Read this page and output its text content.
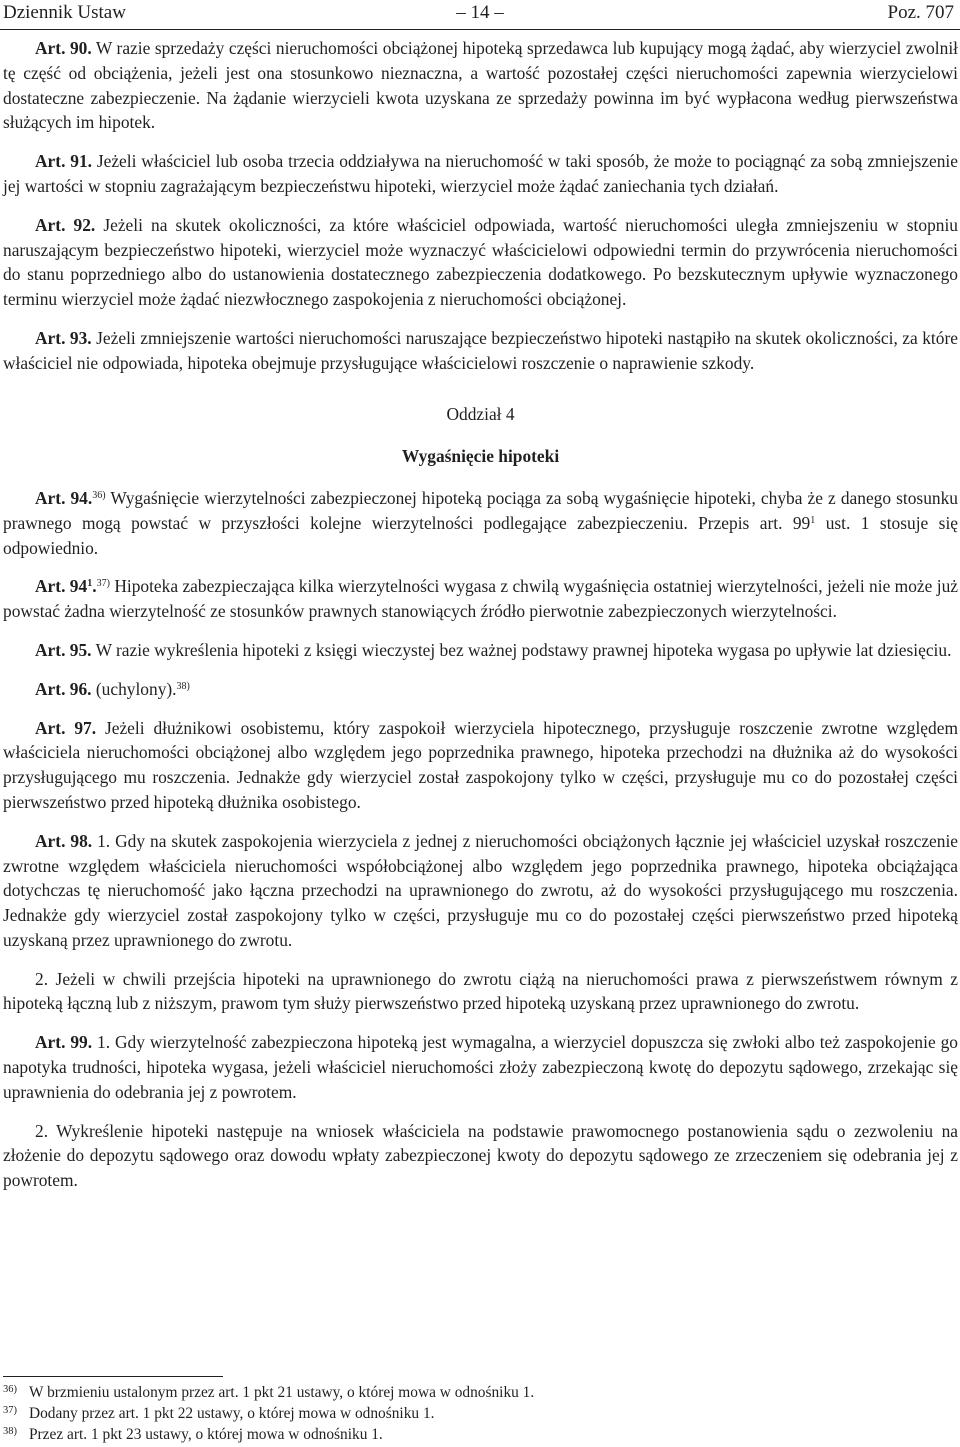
Dziennik Ustaw	– 14 –	Poz. 707

Art. 90. W razie sprzedaży części nieruchomości obciążonej hipoteką sprzedawca lub kupujący mogą żądać, aby wierzyciel zwolnił tę część od obciążenia, jeżeli jest ona stosunkowo nieznaczna, a wartość pozostałej części nieruchomości zapewnia wierzycielowi dostateczne zabezpieczenie. Na żądanie wierzycieli kwota uzyskana ze sprzedaży powinna im być wypłacona według pierwszeństwa służących im hipotek.

Art. 91. Jeżeli właściciel lub osoba trzecia oddziaływa na nieruchomość w taki sposób, że może to pociągnąć za sobą zmniejszenie jej wartości w stopniu zagrażającym bezpieczeństwu hipoteki, wierzyciel może żądać zaniechania tych działań.

Art. 92. Jeżeli na skutek okoliczności, za które właściciel odpowiada, wartość nieruchomości uległa zmniejszeniu w stopniu naruszającym bezpieczeństwo hipoteki, wierzyciel może wyznaczyć właścicielowi odpowiedni termin do przywrócenia nieruchomości do stanu poprzedniego albo do ustanowienia dostatecznego zabezpieczenia dodatkowego. Po bezskutecznym upływie wyznaczonego terminu wierzyciel może żądać niezwłocznego zaspokojenia z nieruchomości obciążonej.

Art. 93. Jeżeli zmniejszenie wartości nieruchomości naruszające bezpieczeństwo hipoteki nastąpiło na skutek okoliczności, za które właściciel nie odpowiada, hipoteka obejmuje przysługujące właścicielowi roszczenie o naprawienie szkody.

Oddział 4

Wygaśnięcie hipoteki

Art. 94.$^{36)}$ Wygaśnięcie wierzytelności zabezpieczonej hipoteką pociąga za sobą wygaśnięcie hipoteki, chyba że z danego stosunku prawnego mogą powstać w przyszłości kolejne wierzytelności podlegające zabezpieczeniu. Przepis art. $99^1$ ust. 1 stosuje się odpowiednio.

Art. $94^1.^{37)}$ Hipoteka zabezpieczająca kilka wierzytelności wygasa z chwilą wygaśnięcia ostatniej wierzytelności, jeżeli nie może już powstać żadna wierzytelność ze stosunków prawnych stanowiących źródło pierwotnie zabezpieczonych wierzytelności.

Art. 95. W razie wykreślenia hipoteki z księgi wieczystej bez ważnej podstawy prawnej hipoteka wygasa po upływie lat dziesięciu.

Art. 96. (uchylony).$^{38)}$

Art. 97. Jeżeli dłużnikowi osobistemu, który zaspokoił wierzyciela hipotecznego, przysługuje roszczenie zwrotne względem właściciela nieruchomości obciążonej albo względem jego poprzednika prawnego, hipoteka przechodzi na dłużnika aż do wysokości przysługującego mu roszczenia. Jednakże gdy wierzyciel został zaspokojony tylko w części, przysługuje mu co do pozostałej części pierwszeństwo przed hipoteką dłużnika osobistego.

Art. 98. 1. Gdy na skutek zaspokojenia wierzyciela z jednej z nieruchomości obciążonych łącznie jej właściciel uzyskał roszczenie zwrotne względem właściciela nieruchomości współobciążonej albo względem jego poprzednika prawnego, hipoteka obciążająca dotychczas tę nieruchomość jako łączna przechodzi na uprawnionego do zwrotu, aż do wysokości przysługującego mu roszczenia. Jednakże gdy wierzyciel został zaspokojony tylko w części, przysługuje mu co do pozostałej części pierwszeństwo przed hipoteką uzyskaną przez uprawnionego do zwrotu.

2. Jeżeli w chwili przejścia hipoteki na uprawnionego do zwrotu ciążą na nieruchomości prawa z pierwszeństwem równym z hipoteką łączną lub z niższym, prawom tym służy pierwszeństwo przed hipoteką uzyskaną przez uprawnionego do zwrotu.

Art. 99. 1. Gdy wierzytelność zabezpieczona hipoteką jest wymagalna, a wierzyciel dopuszcza się zwłoki albo też zaspokojenie go napotyka trudności, hipoteka wygasa, jeżeli właściciel nieruchomości złoży zabezpieczoną kwotę do depozytu sądowego, zrzekając się uprawnienia do odebrania jej z powrotem.

2. Wykreślenie hipoteki następuje na wniosek właściciela na podstawie prawomocnego postanowienia sądu o zezwoleniu na złożenie do depozytu sądowego oraz dowodu wpłaty zabezpieczonej kwoty do depozytu sądowego ze zrzeczeniem się odebrania jej z powrotem.

36) W brzmieniu ustalonym przez art. 1 pkt 21 ustawy, o której mowa w odnośniku 1.
37) Dodany przez art. 1 pkt 22 ustawy, o której mowa w odnośniku 1.
38) Przez art. 1 pkt 23 ustawy, o której mowa w odnośniku 1.
